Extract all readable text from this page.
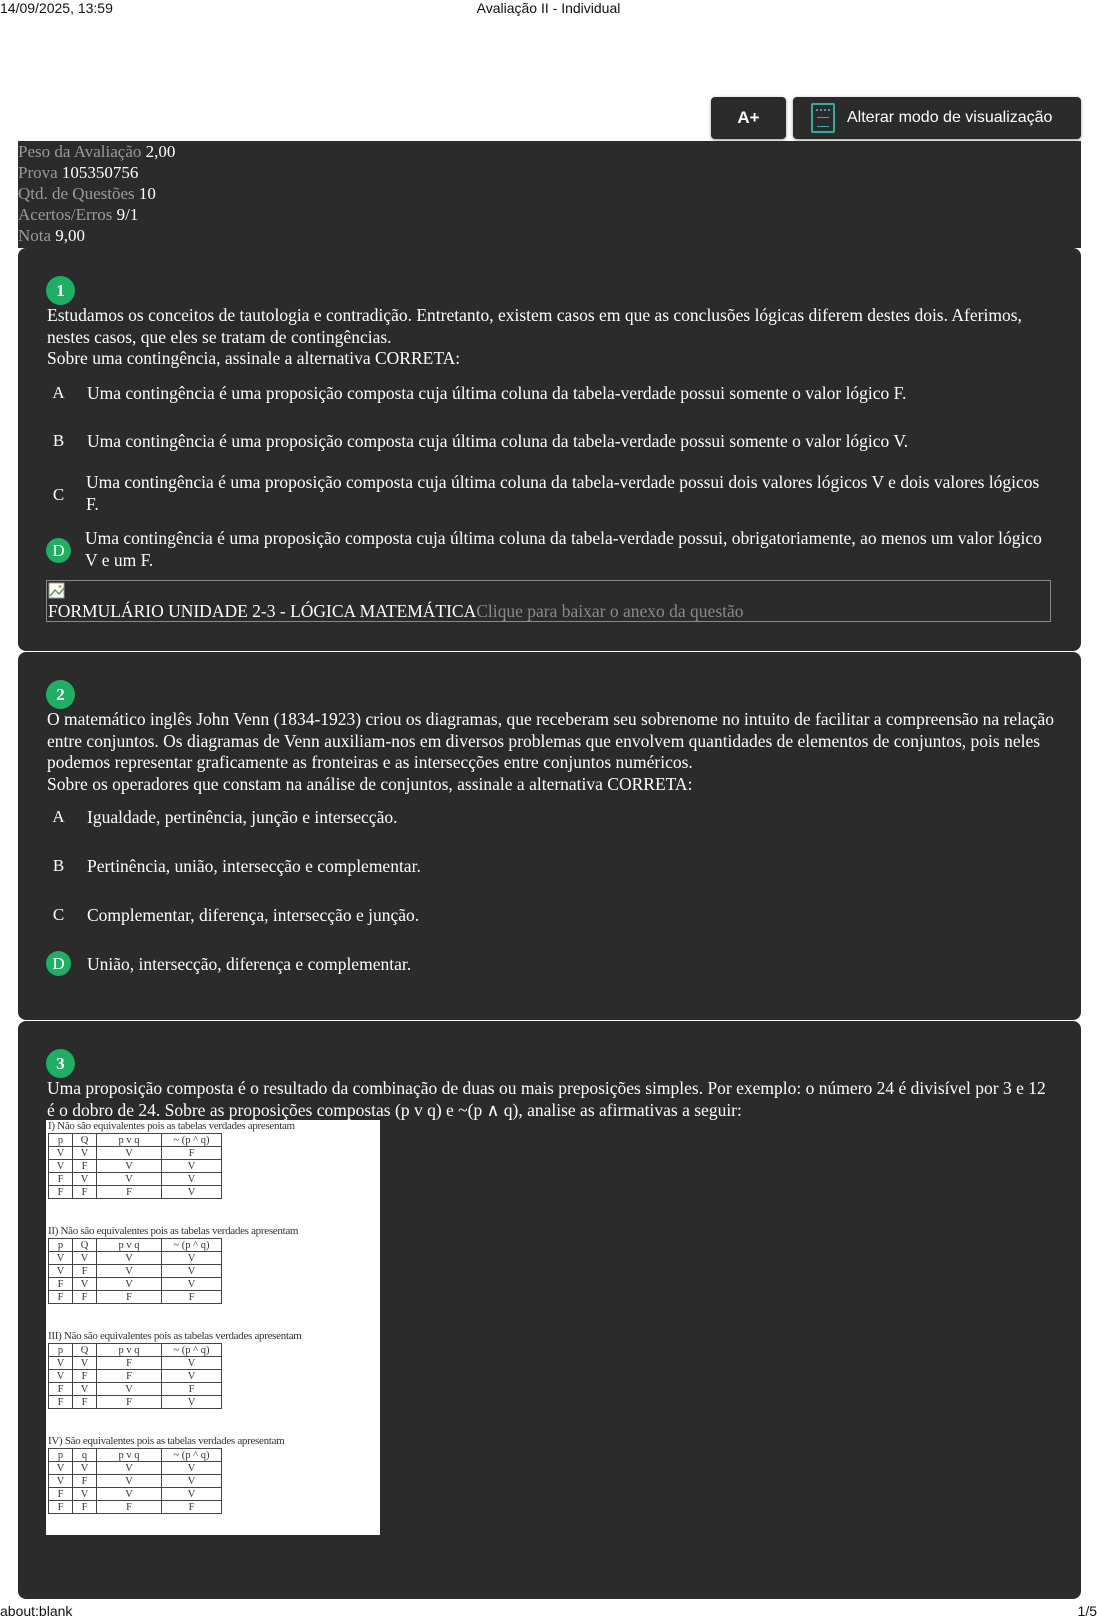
14/09/2025, 13:59	Avaliação II - Individual
A+	Alterar modo de visualização
Peso da Avaliação 2,00
Prova 105350756
Qtd. de Questões 10
Acertos/Erros 9/1
Nota 9,00
1
Estudamos os conceitos de tautologia e contradição. Entretanto, existem casos em que as conclusões lógicas diferem destes dois. Aferimos, nestes casos, que eles se tratam de contingências.
Sobre uma contingência, assinale a alternativa CORRETA:
A	Uma contingência é uma proposição composta cuja última coluna da tabela-verdade possui somente o valor lógico F.
B	Uma contingência é uma proposição composta cuja última coluna da tabela-verdade possui somente o valor lógico V.
C
Uma contingência é uma proposição composta cuja última coluna da tabela-verdade possui dois valores lógicos V e dois valores lógicos F.
D
Uma contingência é uma proposição composta cuja última coluna da tabela-verdade possui, obrigatoriamente, ao menos um valor lógico V e um F.
FORMULÁRIO UNIDADE 2-3 - LÓGICA MATEMÁTICAClique para baixar o anexo da questão
2
O matemático inglês John Venn (1834-1923) criou os diagramas, que receberam seu sobrenome no intuito de facilitar a compreensão na relação entre conjuntos. Os diagramas de Venn auxiliam-nos em diversos problemas que envolvem quantidades de elementos de conjuntos, pois neles podemos representar graficamente as fronteiras e as intersecções entre conjuntos numéricos.
Sobre os operadores que constam na análise de conjuntos, assinale a alternativa CORRETA:
A	Igualdade, pertinência, junção e intersecção.
B	Pertinência, união, intersecção e complementar.
C	Complementar, diferença, intersecção e junção.
D	União, intersecção, diferença e complementar.
3
Uma proposição composta é o resultado da combinação de duas ou mais preposições simples. Por exemplo: o número 24 é divisível por 3 e 12 é o dobro de 24. Sobre as proposições compostas (p v q) e ~(p ∧ q), analise as afirmativas a seguir:
I) Não são equivalentes pois as tabelas verdades apresentam
p	Q	p v q	~ (p ^ q)
V	V	V	F
V	F	V	V
F	V	V	V
F	F	F	V
II) Não são equivalentes pois as tabelas verdades apresentam
p	Q	p v q	~ (p ^ q)
V	V	V	V
V	F	V	V
F	V	V	V
F	F	F	F
III) Não são equivalentes pois as tabelas verdades apresentam
p	Q	p v q	~ (p ^ q)
V	V	F	V
V	F	F	V
F	V	V	F
F	F	F	V
IV) São equivalentes pois as tabelas verdades apresentam
p	q	p v q	~ (p ^ q)
V	V	V	V
V	F	V	V
F	V	V	V
F	F	F	F
about:blank	1/5
